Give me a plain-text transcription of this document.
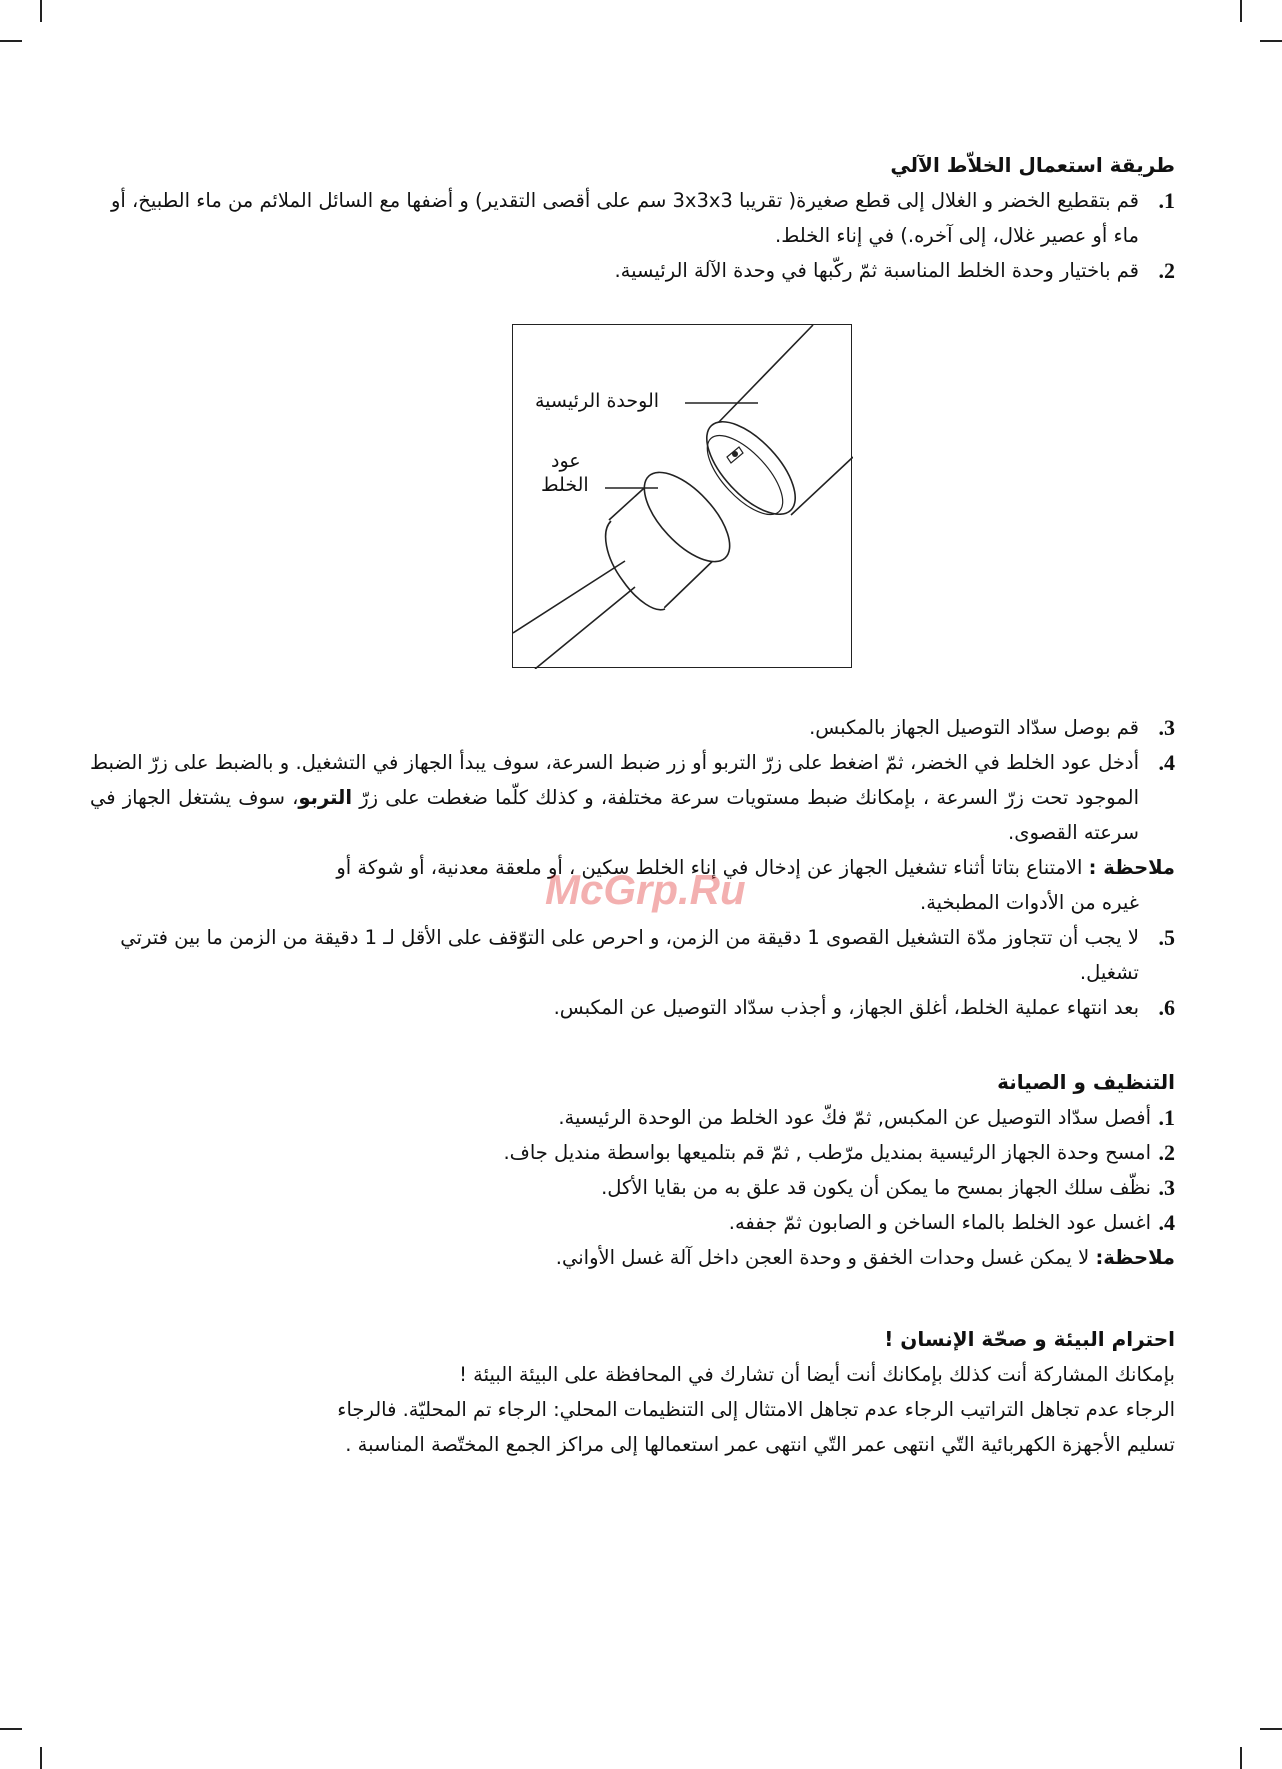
طريقة استعمال الخلاّط الآلي

1.
قم بتقطيع الخضر و الغلال إلى قطع صغيرة( تقريبا 3x3x3 سم على أقصى التقدير) و أضفها مع السائل الملائم من ماء الطبيخ، أو ماء أو عصير غلال، إلى آخره.) في إناء الخلط.

2.
قم باختيار وحدة الخلط المناسبة ثمّ ركّبها في وحدة الآلة الرئيسية.

الوحدة الرئيسية
عود
الخلط

3.
قم بوصل سدّاد التوصيل الجهاز بالمكبس.

4.
أدخل عود الخلط في الخضر، ثمّ اضغط على زرّ التربو أو زر ضبط السرعة، سوف يبدأ الجهاز في التشغيل. و بالضبط على زرّ الضبط الموجود تحت زرّ السرعة ، بإمكانك ضبط مستويات سرعة مختلفة، و كذلك كلّما ضغطت على زرّ التربو، سوف يشتغل الجهاز في سرعته القصوى.

ملاحظة : الامتناع بتاتا أثناء تشغيل الجهاز عن إدخال في إناء الخلط سكين ، أو ملعقة معدنية، أو شوكة أو

غيره من الأدوات المطبخية.

5.
لا يجب أن تتجاوز مدّة التشغيل القصوى 1 دقيقة من الزمن، و احرص على التوّقف على الأقل لـ 1 دقيقة من الزمن ما بين فترتي تشغيل.

6.
بعد انتهاء عملية الخلط، أغلق الجهاز، و أجذب سدّاد التوصيل عن المكبس.

التنظيف و الصيانة

1.
أفصل سدّاد التوصيل عن المكبس, ثمّ فكّ عود الخلط من الوحدة الرئيسية.

2.
امسح وحدة الجهاز الرئيسية بمنديل مرّطب , ثمّ قم بتلميعها بواسطة منديل جاف.

3.
نظّف سلك الجهاز بمسح ما يمكن أن يكون قد علق به من بقايا الأكل.

4.
اغسل عود الخلط بالماء الساخن و الصابون ثمّ جففه.

ملاحظة: لا يمكن غسل وحدات الخفق و وحدة العجن داخل آلة غسل الأواني.

احترام البيئة و صحّة الإنسان !

بإمكانك المشاركة أنت كذلك بإمكانك أنت أيضا أن تشارك في المحافظة على البيئة البيئة !

الرجاء عدم تجاهل التراتيب الرجاء عدم تجاهل الامتثال إلى التنظيمات المحلي: الرجاء تم المحليّة. فالرجاء

تسليم الأجهزة الكهربائية التّي انتهى عمر التّي انتهى عمر استعمالها إلى مراكز الجمع المختّصة المناسبة .

McGrp.Ru
